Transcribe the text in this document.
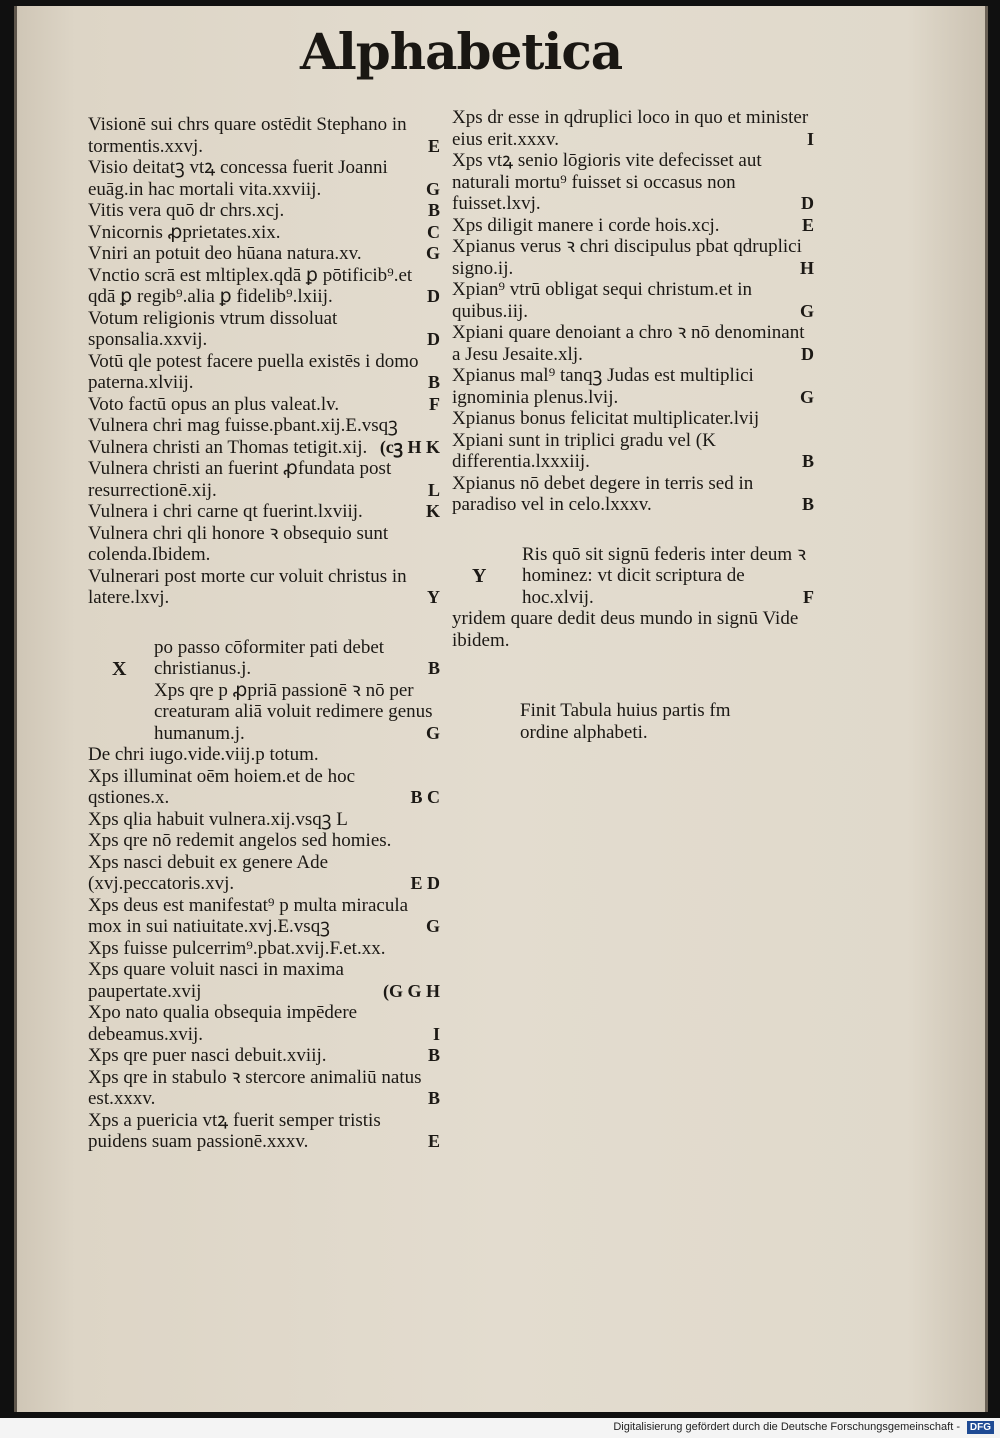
Alphabetica
Visionē sui chrs quare ostēdit Stephano in tormentis.xxvj.	E
Visio deitatꝫ vtꝝ concessa fuerit Joanni euāg.in hac mortali vita.xxviij.	G
Vitis vera quō dr chrs.xcj.	B
Vnicornis ꝓprietates.xix.	C
Vniri an potuit deo hūana natura.xv.	G
Vnctio scrā est mltiplex.qdā ꝑ pōtificib⁹.et qdā ꝑ regib⁹.alia ꝑ fidelib⁹.lxiij.	D
Votum religionis vtrum dissoluat sponsalia.xxvij.	D
Votū qle potest facere puella existēs i domo paterna.xlviij.	B
Voto factū opus an plus valeat.lv.	F
Vulnera chri mag fuisse.pbant.xij.E.vsqꝫ
Vulnera christi an Thomas tetigit.xij. (cꝫ H K
Vulnera christi an fuerint ꝓfundata post resurrectionē.xij.	L
Vulnera i chri carne qt fuerint.lxviij.	K
Vulnera chri qli honore ꝛ obsequio sunt colenda.Ibidem.
Vulnerari post morte cur voluit christus in latere.lxvj.	Y
X
po passo cōformiter pati debet christianus.j.	B
Xps qre p ꝓpriā passionē ꝛ nō per creaturam aliā voluit redimere genus humanum.j.	G
De chri iugo.vide.viij.p totum.
Xps illuminat oēm hoiem.et de hoc qstiones.x.	B C
Xps qlia habuit vulnera.xij.vsqꝫ L
Xps qre nō redemit angelos sed homies.
Xps nasci debuit ex genere Ade (xvj.peccatoris.xvj.	E D
Xps deus est manifestat⁹ p multa miracula mox in sui natiuitate.xvj.E.vsqꝫ	G
Xps fuisse pulcerrim⁹.pbat.xvij.F.et.xx.
Xps quare voluit nasci in maxima paupertate.xvij	(G G H
Xpo nato qualia obsequia impēdere debeamus.xvij.	I
Xps qre puer nasci debuit.xviij.	B
Xps qre in stabulo ꝛ stercore animaliū natus est.xxxv.	B
Xps a puericia vtꝝ fuerit semper tristis puidens suam passionē.xxxv.	E
Xps dr esse in qdruplici loco in quo et minister eius erit.xxxv.	I
Xps vtꝝ senio lōgioris vite defecisset aut naturali mortu⁹ fuisset si occasus non fuisset.lxvj.	D
Xps diligit manere i corde hois.xcj.	E
Xpianus verus ꝛ chri discipulus pbat qdruplici signo.ij.	H
Xpian⁹ vtrū obligat sequi christum.et in quibus.iij.	G
Xpiani quare denoiant a chro ꝛ nō denominant a Jesu Jesaite.xlj.	D
Xpianus mal⁹ tanqꝫ Judas est multiplici ignominia plenus.lvij.	G
Xpianus bonus felicitat multiplicater.lvij
Xpiani sunt in triplici gradu vel (K differentia.lxxxiij.	B
Xpianus nō debet degere in terris sed in paradiso vel in celo.lxxxv.	B
Y
Ris quō sit signū federis inter deum ꝛ hominez: vt dicit scriptura de hoc.xlvij.	F
yridem quare dedit deus mundo in signū Vide ibidem.
Finit Tabula huius partis fm ordine alphabeti.
Digitalisierung gefördert durch die Deutsche Forschungsgemeinschaft - DFG
